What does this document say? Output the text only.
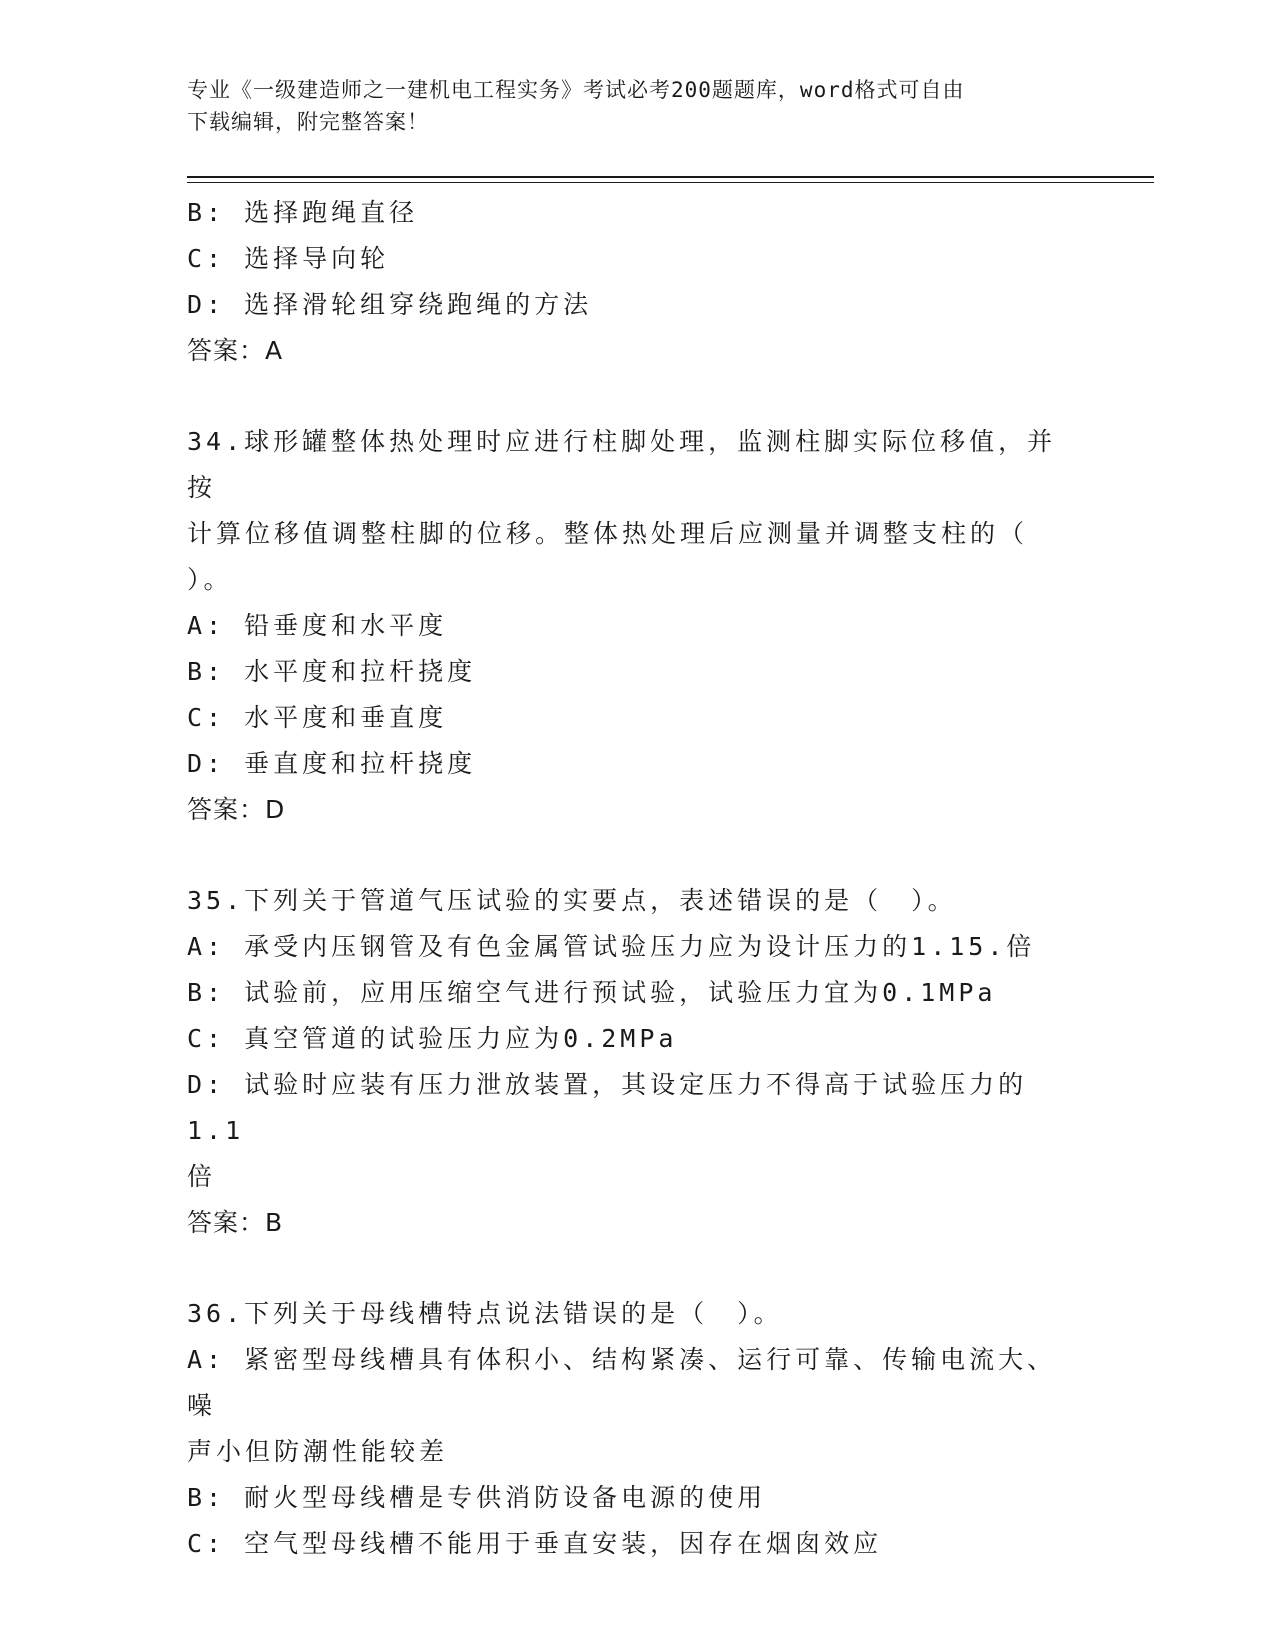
专业《一级建造师之一建机电工程实务》考试必考200题题库，word格式可自由
下载编辑，附完整答案！
B: 选择跑绳直径
C: 选择导向轮
D: 选择滑轮组穿绕跑绳的方法
答案：A
34.球形罐整体热处理时应进行柱脚处理，监测柱脚实际位移值，并按
计算位移值调整柱脚的位移。整体热处理后应测量并调整支柱的（
）。
A: 铅垂度和水平度
B: 水平度和拉杆挠度
C: 水平度和垂直度
D: 垂直度和拉杆挠度
答案：D
35.下列关于管道气压试验的实要点，表述错误的是（　）。
A: 承受内压钢管及有色金属管试验压力应为设计压力的1.15.倍
B: 试验前，应用压缩空气进行预试验，试验压力宜为0.1MPa
C: 真空管道的试验压力应为0.2MPa
D: 试验时应装有压力泄放装置，其设定压力不得高于试验压力的1.1
倍
答案：B
36.下列关于母线槽特点说法错误的是（　）。
A: 紧密型母线槽具有体积小、结构紧凑、运行可靠、传输电流大、噪
声小但防潮性能较差
B: 耐火型母线槽是专供消防设备电源的使用
C: 空气型母线槽不能用于垂直安装，因存在烟囱效应
